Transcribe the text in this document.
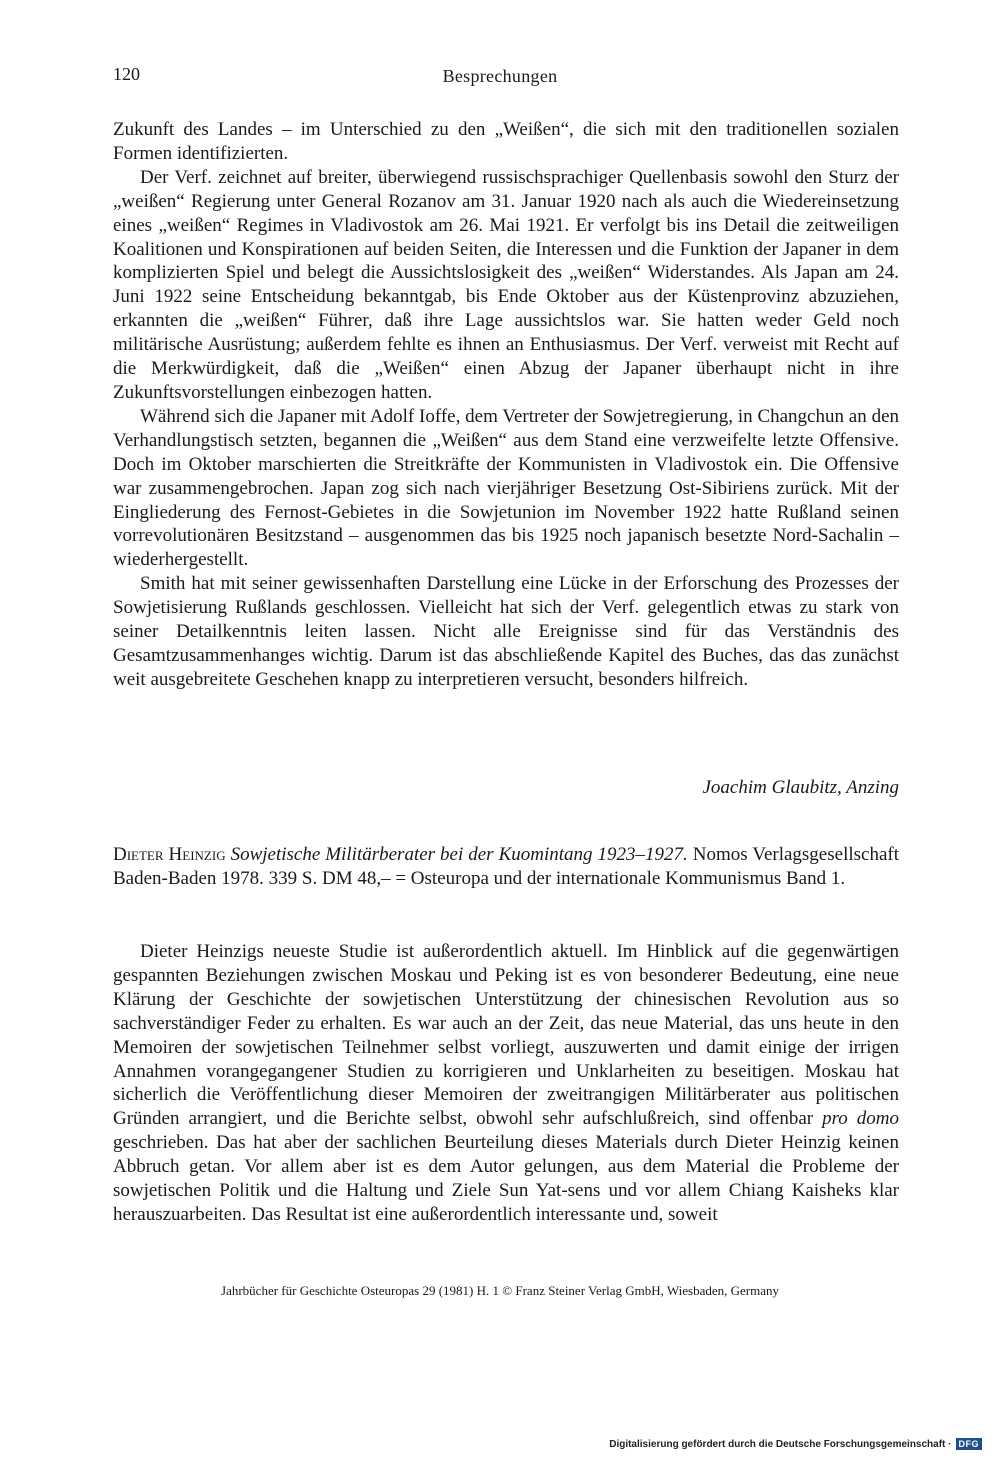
120	Besprechungen

Zukunft des Landes – im Unterschied zu den „Weißen“, die sich mit den traditionellen sozialen Formen identifizierten.

Der Verf. zeichnet auf breiter, überwiegend russischsprachiger Quellenbasis sowohl den Sturz der „weißen“ Regierung unter General Rozanov am 31. Januar 1920 nach als auch die Wiedereinsetzung eines „weißen“ Regimes in Vladivostok am 26. Mai 1921. Er verfolgt bis ins Detail die zeitweiligen Koalitionen und Konspirationen auf beiden Seiten, die Interessen und die Funktion der Japaner in dem komplizierten Spiel und belegt die Aussichtslosigkeit des „weißen“ Widerstandes. Als Japan am 24. Juni 1922 seine Entscheidung bekanntgab, bis Ende Oktober aus der Küstenprovinz abzuziehen, erkannten die „weißen“ Führer, daß ihre Lage aussichtslos war. Sie hatten weder Geld noch militärische Ausrüstung; außerdem fehlte es ihnen an Enthusiasmus. Der Verf. verweist mit Recht auf die Merkwürdigkeit, daß die „Weißen“ einen Abzug der Japaner überhaupt nicht in ihre Zukunftsvorstellungen einbezogen hatten.

Während sich die Japaner mit Adolf Ioffe, dem Vertreter der Sowjetregierung, in Changchun an den Verhandlungstisch setzten, begannen die „Weißen“ aus dem Stand eine verzweifelte letzte Offensive. Doch im Oktober marschierten die Streitkräfte der Kommunisten in Vladivostok ein. Die Offensive war zusammengebrochen. Japan zog sich nach vierjähriger Besetzung Ost-Sibiriens zurück. Mit der Eingliederung des Fernost-Gebietes in die Sowjetunion im November 1922 hatte Rußland seinen vorrevolutionären Besitzstand – ausgenommen das bis 1925 noch japanisch besetzte Nord-Sachalin – wiederhergestellt.

Smith hat mit seiner gewissenhaften Darstellung eine Lücke in der Erforschung des Prozesses der Sowjetisierung Rußlands geschlossen. Vielleicht hat sich der Verf. gelegentlich etwas zu stark von seiner Detailkenntnis leiten lassen. Nicht alle Ereignisse sind für das Verständnis des Gesamtzusammenhanges wichtig. Darum ist das abschließende Kapitel des Buches, das das zunächst weit ausgebreitete Geschehen knapp zu interpretieren versucht, besonders hilfreich.

Joachim Glaubitz, Anzing
Dieter Heinzig Sowjetische Militärberater bei der Kuomintang 1923–1927. Nomos Verlagsgesellschaft Baden-Baden 1978. 339 S. DM 48,– = Osteuropa und der internationale Kommunismus Band 1.

Dieter Heinzigs neueste Studie ist außerordentlich aktuell. Im Hinblick auf die gegenwärtigen gespannten Beziehungen zwischen Moskau und Peking ist es von besonderer Bedeutung, eine neue Klärung der Geschichte der sowjetischen Unterstützung der chinesischen Revolution aus so sachverständiger Feder zu erhalten. Es war auch an der Zeit, das neue Material, das uns heute in den Memoiren der sowjetischen Teilnehmer selbst vorliegt, auszuwerten und damit einige der irrigen Annahmen vorangegangener Studien zu korrigieren und Unklarheiten zu beseitigen. Moskau hat sicherlich die Veröffentlichung dieser Memoiren der zweitrangigen Militärberater aus politischen Gründen arrangiert, und die Berichte selbst, obwohl sehr aufschlußreich, sind offenbar pro domo geschrieben. Das hat aber der sachlichen Beurteilung dieses Materials durch Dieter Heinzig keinen Abbruch getan. Vor allem aber ist es dem Autor gelungen, aus dem Material die Probleme der sowjetischen Politik und die Haltung und Ziele Sun Yat-sens und vor allem Chiang Kaisheks klar herauszuarbeiten. Das Resultat ist eine außerordentlich interessante und, soweit

Jahrbücher für Geschichte Osteuropas 29 (1981) H. 1 © Franz Steiner Verlag GmbH, Wiesbaden, Germany
Digitalisierung gefördert durch die Deutsche Forschungsgemeinschaft · DFG
